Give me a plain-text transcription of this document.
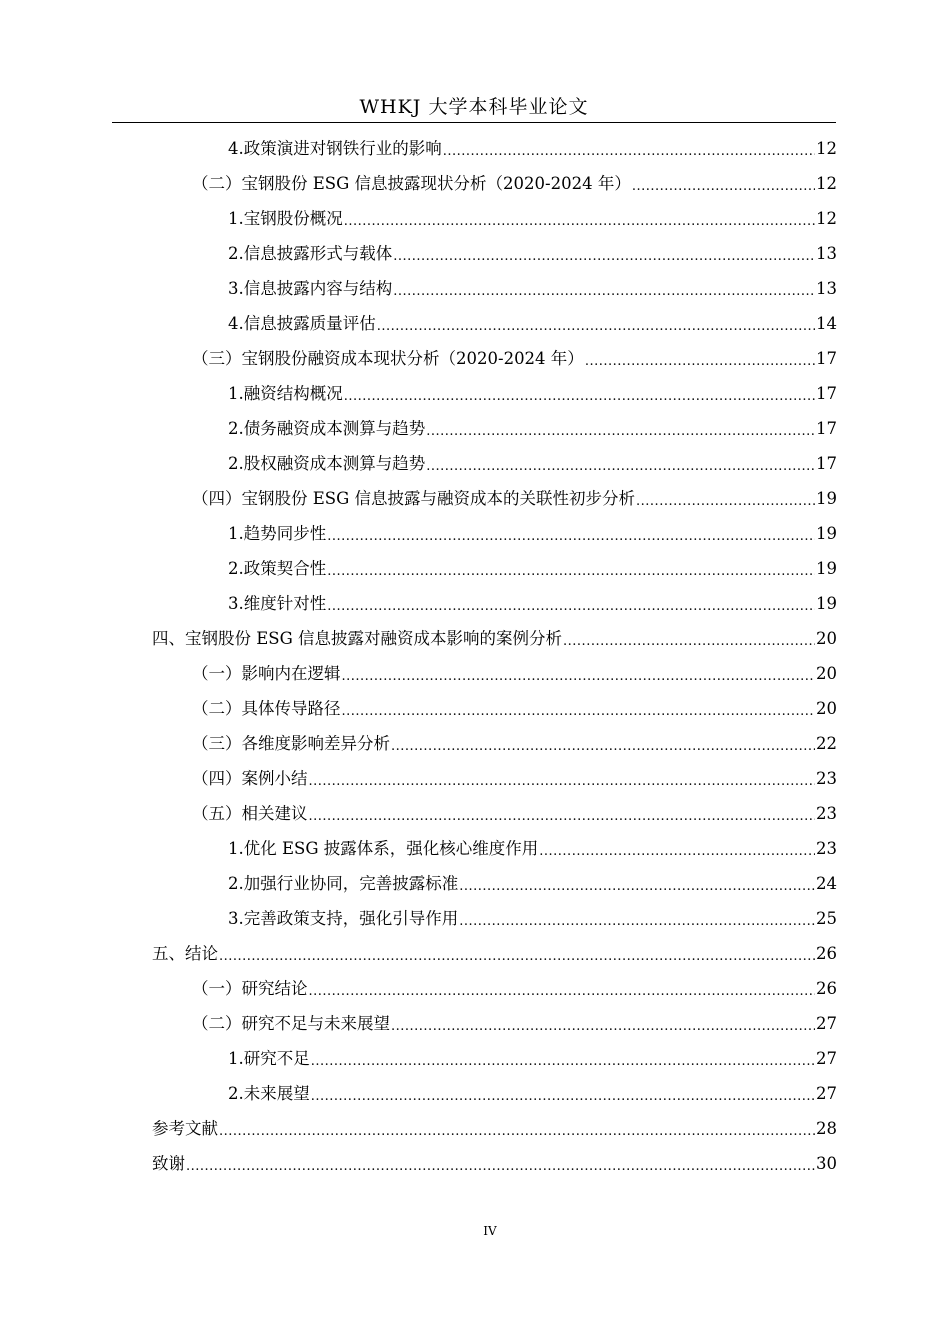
WHKJ 大学本科毕业论文
4.政策演进对钢铁行业的影响 .....	12
（二）宝钢股份 ESG 信息披露现状分析（2020-2024 年） .....	12
1.宝钢股份概况 .....	12
2.信息披露形式与载体 .....	13
3.信息披露内容与结构 .....	13
4.信息披露质量评估 .....	14
（三）宝钢股份融资成本现状分析（2020-2024 年） .....	17
1.融资结构概况 .....	17
2.债务融资成本测算与趋势 .....	17
2.股权融资成本测算与趋势 .....	17
（四）宝钢股份 ESG 信息披露与融资成本的关联性初步分析 .....	19
1.趋势同步性 .....	19
2.政策契合性 .....	19
3.维度针对性 .....	19
四、宝钢股份 ESG 信息披露对融资成本影响的案例分析 .....	20
（一）影响内在逻辑 .....	20
（二）具体传导路径 .....	20
（三）各维度影响差异分析 .....	22
（四）案例小结 .....	23
（五）相关建议 .....	23
1.优化 ESG 披露体系，强化核心维度作用 .....	23
2.加强行业协同，完善披露标准 .....	24
3.完善政策支持，强化引导作用 .....	25
五、结论 .....	26
（一）研究结论 .....	26
（二）研究不足与未来展望 .....	27
1.研究不足 .....	27
2.未来展望 .....	27
参考文献 .....	28
致谢 .....	30
IV
